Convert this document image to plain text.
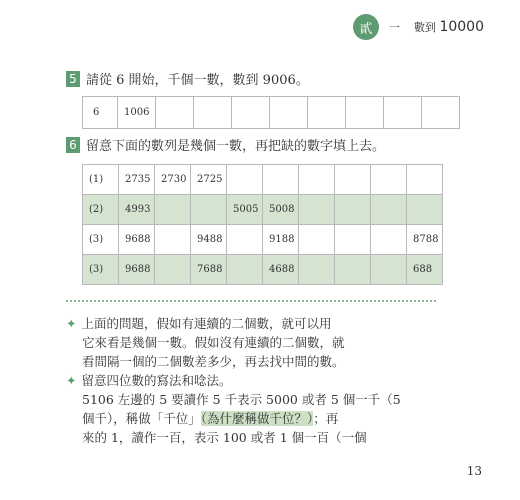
貳	一 數到 10000
5 請從 6 開始，千個一數，數到 9006。
6	1006								
6 留意下面的數列是幾個一數，再把缺的數字填上去。
(1)	2735	2730	2725						
(2)	4993			5005	5008				
(3)	9688		9488		9188				8788
(3)	9688		7688		4688				688

✦ 上面的問題，假如有連續的二個數，就可以用

它來看是幾個一數。假如沒有連續的二個數，就

看間隔一個的二個數差多少，再去找中間的數。

✦ 留意四位數的寫法和唸法。

5106 左邊的 5 要讀作 5 千表示 5000 或者 5 個一千（5

個千），稱做「千位」（為什麼稱做千位？）；再

來的 1，讀作一百，表示 100 或者 1 個一百（一個

13
